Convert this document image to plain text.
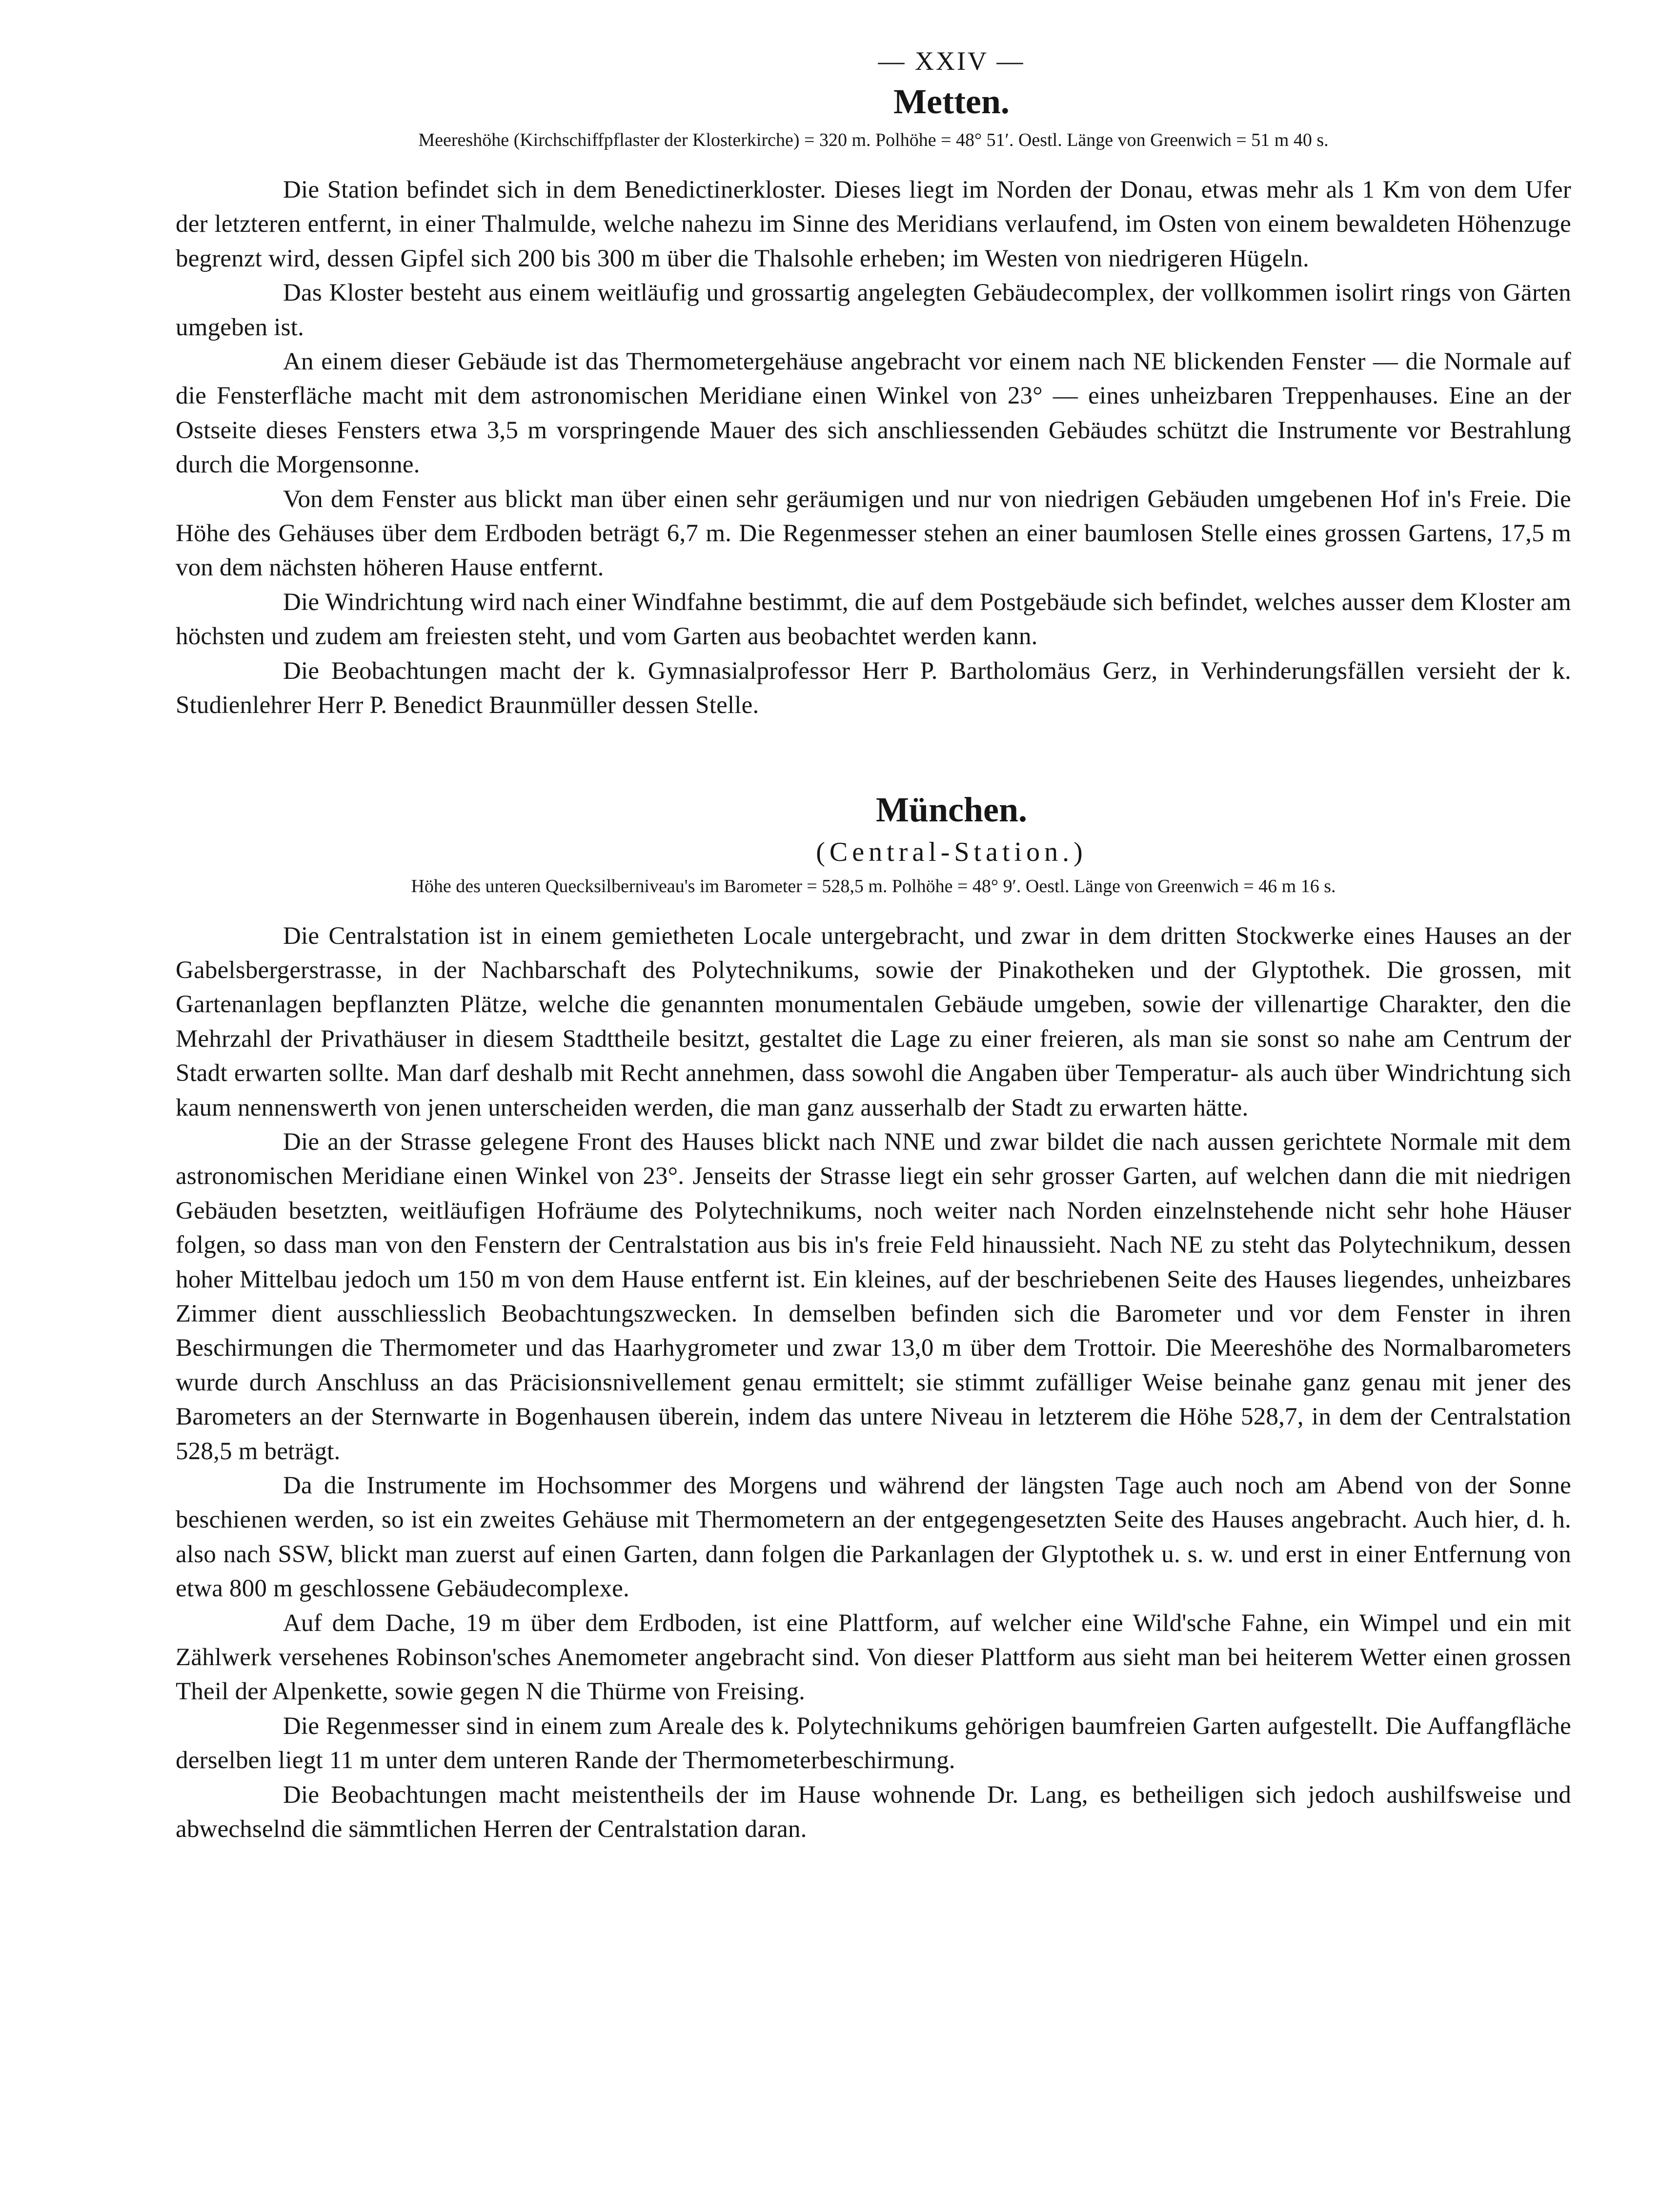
— XXIV —
Metten.
Meereshöhe (Kirchschiffpflaster der Klosterkirche) = 320 m. Polhöhe = 48° 51′. Oestl. Länge von Greenwich = 51 m 40 s.

Die Station befindet sich in dem Benedictinerkloster. Dieses liegt im Norden der Donau, etwas mehr als 1 Km von dem Ufer der letzteren entfernt, in einer Thalmulde, welche nahezu im Sinne des Meridians verlaufend, im Osten von einem bewaldeten Höhenzuge begrenzt wird, dessen Gipfel sich 200 bis 300 m über die Thalsohle erheben; im Westen von niedrigeren Hügeln.

Das Kloster besteht aus einem weitläufig und grossartig angelegten Gebäudecomplex, der vollkommen isolirt rings von Gärten umgeben ist.

An einem dieser Gebäude ist das Thermometergehäuse angebracht vor einem nach NE blickenden Fenster — die Normale auf die Fensterfläche macht mit dem astronomischen Meridiane einen Winkel von 23° — eines unheizbaren Treppenhauses. Eine an der Ostseite dieses Fensters etwa 3,5 m vorspringende Mauer des sich anschliessenden Gebäudes schützt die Instrumente vor Bestrahlung durch die Morgensonne.

Von dem Fenster aus blickt man über einen sehr geräumigen und nur von niedrigen Gebäuden umgebenen Hof in's Freie. Die Höhe des Gehäuses über dem Erdboden beträgt 6,7 m. Die Regenmesser stehen an einer baumlosen Stelle eines grossen Gartens, 17,5 m von dem nächsten höheren Hause entfernt.

Die Windrichtung wird nach einer Windfahne bestimmt, die auf dem Postgebäude sich befindet, welches ausser dem Kloster am höchsten und zudem am freiesten steht, und vom Garten aus beobachtet werden kann.

Die Beobachtungen macht der k. Gymnasialprofessor Herr P. Bartholomäus Gerz, in Verhinderungsfällen versieht der k. Studienlehrer Herr P. Benedict Braunmüller dessen Stelle.

München.
(Central-Station.)
Höhe des unteren Quecksilberniveau's im Barometer = 528,5 m. Polhöhe = 48° 9′. Oestl. Länge von Greenwich = 46 m 16 s.

Die Centralstation ist in einem gemietheten Locale untergebracht, und zwar in dem dritten Stockwerke eines Hauses an der Gabelsbergerstrasse, in der Nachbarschaft des Polytechnikums, sowie der Pinakotheken und der Glyptothek. Die grossen, mit Gartenanlagen bepflanzten Plätze, welche die genannten monumentalen Gebäude umgeben, sowie der villenartige Charakter, den die Mehrzahl der Privathäuser in diesem Stadttheile besitzt, gestaltet die Lage zu einer freieren, als man sie sonst so nahe am Centrum der Stadt erwarten sollte. Man darf deshalb mit Recht annehmen, dass sowohl die Angaben über Temperatur- als auch über Windrichtung sich kaum nennenswerth von jenen unterscheiden werden, die man ganz ausserhalb der Stadt zu erwarten hätte.

Die an der Strasse gelegene Front des Hauses blickt nach NNE und zwar bildet die nach aussen gerichtete Normale mit dem astronomischen Meridiane einen Winkel von 23°. Jenseits der Strasse liegt ein sehr grosser Garten, auf welchen dann die mit niedrigen Gebäuden besetzten, weitläufigen Hofräume des Polytechnikums, noch weiter nach Norden einzelnstehende nicht sehr hohe Häuser folgen, so dass man von den Fenstern der Centralstation aus bis in's freie Feld hinaussieht. Nach NE zu steht das Polytechnikum, dessen hoher Mittelbau jedoch um 150 m von dem Hause entfernt ist. Ein kleines, auf der beschriebenen Seite des Hauses liegendes, unheizbares Zimmer dient ausschliesslich Beobachtungszwecken. In demselben befinden sich die Barometer und vor dem Fenster in ihren Beschirmungen die Thermometer und das Haarhygrometer und zwar 13,0 m über dem Trottoir. Die Meereshöhe des Normalbarometers wurde durch Anschluss an das Präcisionsnivellement genau ermittelt; sie stimmt zufälliger Weise beinahe ganz genau mit jener des Barometers an der Sternwarte in Bogenhausen überein, indem das untere Niveau in letzterem die Höhe 528,7, in dem der Centralstation 528,5 m beträgt.

Da die Instrumente im Hochsommer des Morgens und während der längsten Tage auch noch am Abend von der Sonne beschienen werden, so ist ein zweites Gehäuse mit Thermometern an der entgegengesetzten Seite des Hauses angebracht. Auch hier, d. h. also nach SSW, blickt man zuerst auf einen Garten, dann folgen die Parkanlagen der Glyptothek u. s. w. und erst in einer Entfernung von etwa 800 m geschlossene Gebäudecomplexe.

Auf dem Dache, 19 m über dem Erdboden, ist eine Plattform, auf welcher eine Wild'sche Fahne, ein Wimpel und ein mit Zählwerk versehenes Robinson'sches Anemometer angebracht sind. Von dieser Plattform aus sieht man bei heiterem Wetter einen grossen Theil der Alpenkette, sowie gegen N die Thürme von Freising.

Die Regenmesser sind in einem zum Areale des k. Polytechnikums gehörigen baumfreien Garten aufgestellt. Die Auffangfläche derselben liegt 11 m unter dem unteren Rande der Thermometerbeschirmung.

Die Beobachtungen macht meistentheils der im Hause wohnende Dr. Lang, es betheiligen sich jedoch aushilfsweise und abwechselnd die sämmtlichen Herren der Centralstation daran.
